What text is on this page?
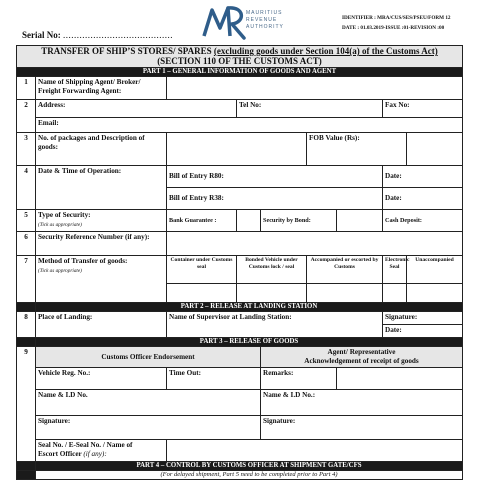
Serial No: ........................................
MAURITIUS
REVENUE
AUTHORITY
IDENTIFIER : MRA/CUS/SES/PSEU/FORM 12
DATE : 01.03.2019-ISSUE :01-REVISION :00
TRANSFER OF SHIP’S STORES/ SPARES (excluding goods under Section 104(a) of the Customs Act)
(SECTION 110 OF THE CUSTOMS ACT)								
PART 1 – GENERAL INFORMATION OF GOODS AND AGENT								
1	Name of Shipping Agent/ Broker/ Freight Forwarding Agent:							
2	Address:		Tel No:				Fax No:	
	Email:							
3	No. of packages and Description of goods:				FOB Value (Rs):			
4	Date & Time of Operation:	Bill of Entry R80:					Date:	
		Bill of Entry R38:					Date:	
5	Type of Security:
(Tick as appropriate)	Bank Guarantee :		Security by Bond:			Cash Deposit:	
6	Security Reference Number (if any):							
7	Method of Transfer of goods:
(Tick as appropriate)	Container under Customs seal	Bonded Vehicle under Customs lock / seal		Accompanied or escorted by Customs		Electronic Seal	Unaccompanied

	PART 2 – RELEASE AT LANDING STATION							
8	Place of Landing:	Name of Supervisor at Landing Station:					Signature:	
							Date:	
	PART 3 – RELEASE OF GOODS							
9	Customs Officer Endorsement			Agent/ Representative
Acknowledgement of receipt of goods				
	Vehicle Reg. No.:	Time Out:		Remarks:				
	Name & I.D No.			Name & I.D No.:				
	Signature:			Signature:				
	Seal No. / E-Seal No. / Name of
Escort Officer (if any):							
	PART 4 – CONTROL BY CUSTOMS OFFICER AT SHIPMENT GATE/CFS							
	(For delayed shipment, Part 5 need to be completed prior to Part 4)							
